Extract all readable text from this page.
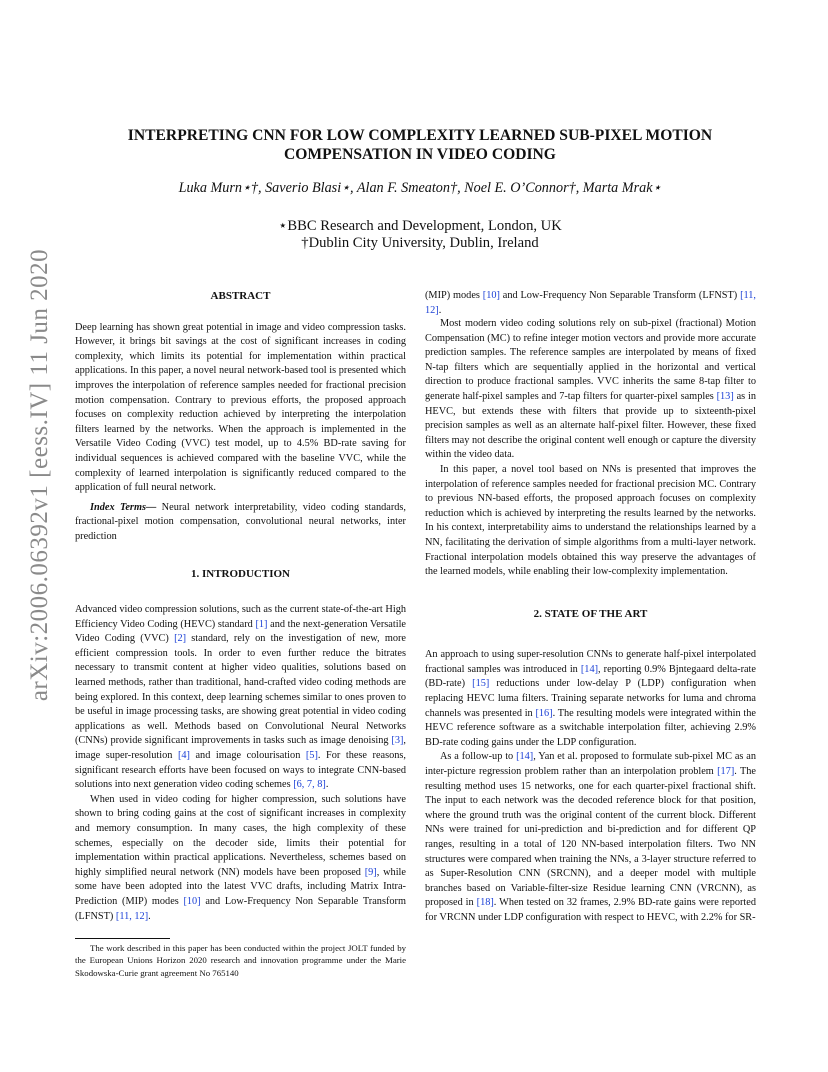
arXiv:2006.06392v1 [eess.IV] 11 Jun 2020
INTERPRETING CNN FOR LOW COMPLEXITY LEARNED SUB-PIXEL MOTION
COMPENSATION IN VIDEO CODING
Luka Murn⋆†, Saverio Blasi⋆, Alan F. Smeaton†, Noel E. O’Connor†, Marta Mrak⋆
⋆BBC Research and Development, London, UK
†Dublin City University, Dublin, Ireland

ABSTRACT

Deep learning has shown great potential in image and video compression tasks. However, it brings bit savings at the cost of significant increases in coding complexity, which limits its potential for implementation within practical applications. In this paper, a novel neural network-based tool is presented which improves the interpolation of reference samples needed for fractional precision motion compensation. Contrary to previous efforts, the proposed approach focuses on complexity reduction achieved by interpreting the interpolation filters learned by the networks. When the approach is implemented in the Versatile Video Coding (VVC) test model, up to 4.5% BD-rate saving for individual sequences is achieved compared with the baseline VVC, while the complexity of learned interpolation is significantly reduced compared to the application of full neural network.

Index Terms— Neural network interpretability, video coding standards, fractional-pixel motion compensation, convolutional neural networks, inter prediction

1. INTRODUCTION

Advanced video compression solutions, such as the current state-of-the-art High Efficiency Video Coding (HEVC) standard [1] and the next-generation Versatile Video Coding (VVC) [2] standard, rely on the investigation of new, more efficient compression tools. In order to even further reduce the bitrates necessary to transmit content at higher video qualities, solutions based on learned methods, rather than traditional, hand-crafted video coding methods are being explored. In this context, deep learning schemes similar to ones proven to be useful in image processing tasks, are showing great potential in video coding applications as well. Methods based on Convolutional Neural Networks (CNNs) provide significant improvements in tasks such as image denoising [3], image super-resolution [4] and image colourisation [5]. For these reasons, significant research efforts have been focused on ways to integrate CNN-based solutions into next generation video coding schemes [6, 7, 8].

When used in video coding for higher compression, such solutions have shown to bring coding gains at the cost of significant increases in complexity and memory consumption. In many cases, the high complexity of these schemes, especially on the decoder side, limits their potential for implementation within practical applications. Nevertheless, schemes based on highly simplified neural network (NN) models have been proposed [9], while some have been adopted into the latest VVC drafts, including Matrix Intra-Prediction (MIP) modes [10] and Low-Frequency Non Separable Transform (LFNST) [11, 12].

The work described in this paper has been conducted within the project JOLT funded by the European Unions Horizon 2020 research and innovation programme under the Marie Skodowska-Curie grant agreement No 765140

Most modern video coding solutions rely on sub-pixel (fractional) Motion Compensation (MC) to refine integer motion vectors and provide more accurate prediction samples. The reference samples are interpolated by means of fixed N-tap filters which are sequentially applied in the horizontal and vertical direction to produce fractional samples. VVC inherits the same 8-tap filter to generate half-pixel samples and 7-tap filters for quarter-pixel samples [13] as in HEVC, but extends these with filters that provide up to sixteenth-pixel precision samples as well as an alternate half-pixel filter. However, these fixed filters may not describe the original content well enough or capture the diversity within the video data.

In this paper, a novel tool based on NNs is presented that improves the interpolation of reference samples needed for fractional precision MC. Contrary to previous NN-based efforts, the proposed approach focuses on complexity reduction which is achieved by interpreting the results learned by the networks. In his context, interpretability aims to understand the relationships learned by a NN, facilitating the derivation of simple algorithms from a multi-layer network. Fractional interpolation models obtained this way preserve the advantages of the learned models, while enabling their low-complexity implementation.

2. STATE OF THE ART

An approach to using super-resolution CNNs to generate half-pixel interpolated fractional samples was introduced in [14], reporting 0.9% Bjntegaard delta-rate (BD-rate) [15] reductions under low-delay P (LDP) configuration when replacing HEVC luma filters. Training separate networks for luma and chroma channels was presented in [16]. The resulting models were integrated within the HEVC reference software as a switchable interpolation filter, achieving 2.9% BD-rate coding gains under the LDP configuration.

As a follow-up to [14], Yan et al. proposed to formulate sub-pixel MC as an inter-picture regression problem rather than an interpolation problem [17]. The resulting method uses 15 networks, one for each quarter-pixel fractional shift. The input to each network was the decoded reference block for that position, where the ground truth was the original content of the current block. Different NNs were trained for uni-prediction and bi-prediction and for different QP ranges, resulting in a total of 120 NN-based interpolation filters. Two NN structures were compared when training the NNs, a 3-layer structure referred to as Super-Resolution CNN (SRCNN), and a deeper model with multiple branches based on Variable-filter-size Residue learning CNN (VRCNN), as proposed in [18]. When tested on 32 frames, 2.9% BD-rate gains were reported for VRCNN under LDP configuration with respect to HEVC, with 2.2% for SR-

(MIP) modes [10] and Low-Frequency Non Separable Transform (LFNST) [11, 12].
